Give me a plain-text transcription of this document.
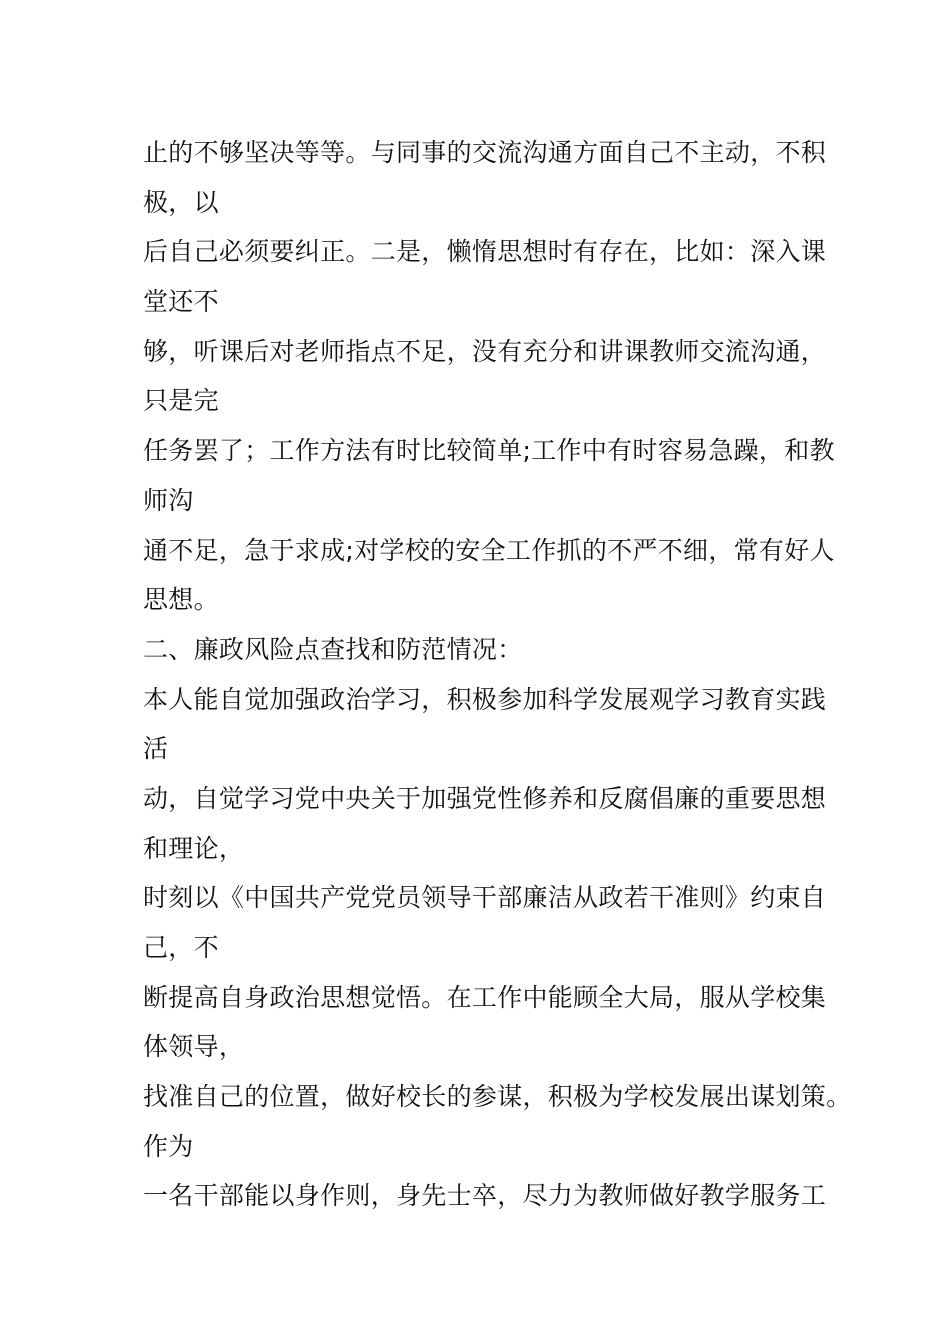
止的不够坚决等等。与同事的交流沟通方面自己不主动，不积
极，以
后自己必须要纠正。二是，懒惰思想时有存在，比如：深入课
堂还不
够，听课后对老师指点不足，没有充分和讲课教师交流沟通，
只是完
任务罢了；工作方法有时比较简单;工作中有时容易急躁，和教
师沟
通不足，急于求成;对学校的安全工作抓的不严不细，常有好人
思想。
二、廉政风险点查找和防范情况：
本人能自觉加强政治学习，积极参加科学发展观学习教育实践
活
动，自觉学习党中央关于加强党性修养和反腐倡廉的重要思想
和理论，
时刻以《中国共产党党员领导干部廉洁从政若干准则》约束自
己，不
断提高自身政治思想觉悟。在工作中能顾全大局，服从学校集
体领导，
找准自己的位置，做好校长的参谋，积极为学校发展出谋划策。
作为
一名干部能以身作则，身先士卒，尽力为教师做好教学服务工
